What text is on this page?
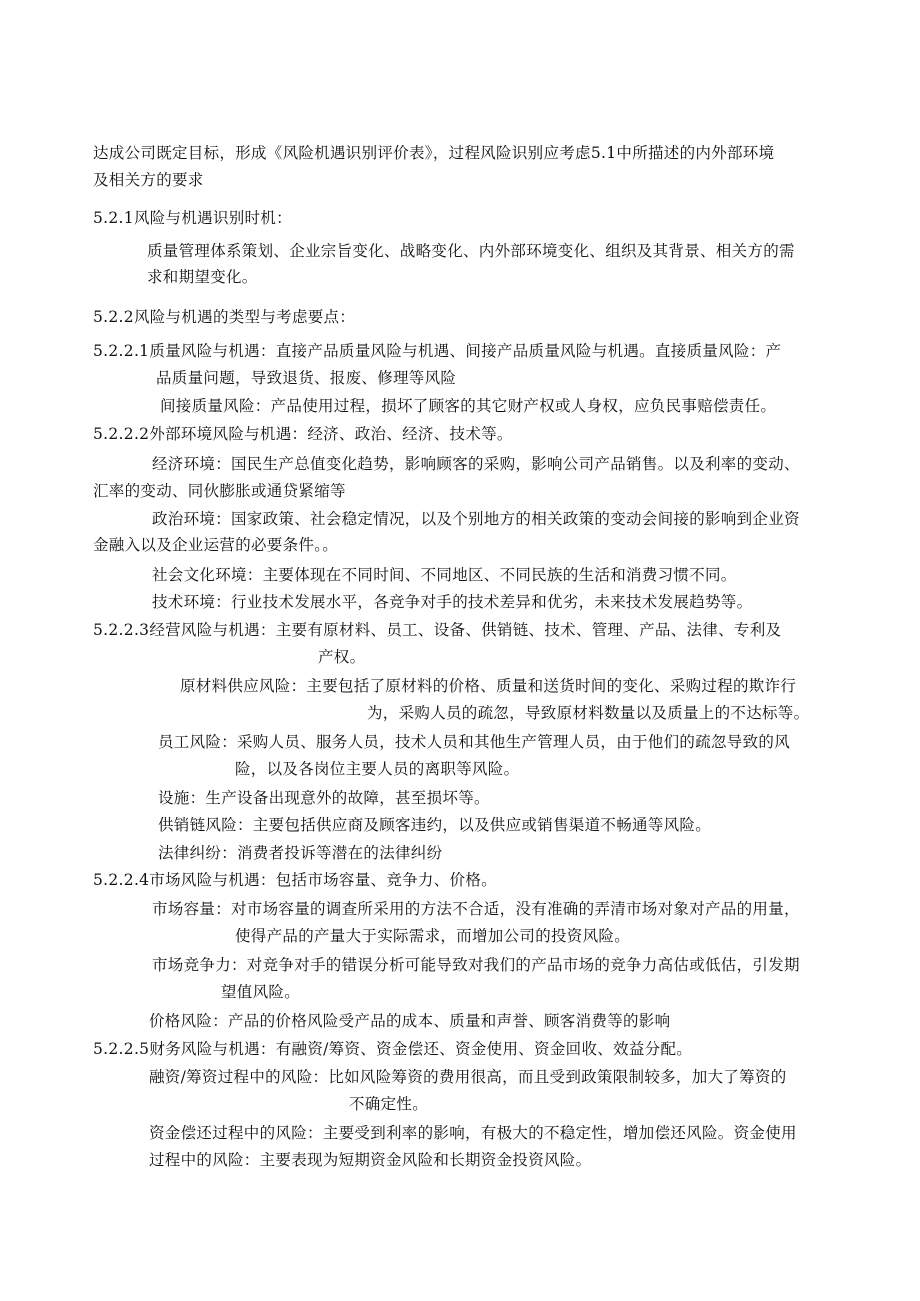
达成公司既定目标，形成《风险机遇识别评价表》，过程风险识别应考虑5.1中所描述的内外部环境
及相关方的要求
5.2.1风险与机遇识别时机：
质量管理体系策划、企业宗旨变化、战略变化、内外部环境变化、组织及其背景、相关方的需
求和期望变化。
5.2.2风险与机遇的类型与考虑要点：
5.2.2.1质量风险与机遇：直接产品质量风险与机遇、间接产品质量风险与机遇。直接质量风险：产
品质量问题，导致退货、报废、修理等风险
间接质量风险：产品使用过程，损坏了顾客的其它财产权或人身权，应负民事赔偿责任。
5.2.2.2外部环境风险与机遇：经济、政治、经济、技术等。
经济环境：国民生产总值变化趋势，影响顾客的采购，影响公司产品销售。以及利率的变动、
汇率的变动、同伙膨胀或通贷紧缩等
政治环境：国家政策、社会稳定情况，以及个别地方的相关政策的变动会间接的影响到企业资
金融入以及企业运营的必要条件。。
社会文化环境：主要体现在不同时间、不同地区、不同民族的生活和消费习惯不同。
技术环境：行业技术发展水平，各竞争对手的技术差异和优劣，未来技术发展趋势等。
5.2.2.3经营风险与机遇：主要有原材料、员工、设备、供销链、技术、管理、产品、法律、专利及
产权。
原材料供应风险：主要包括了原材料的价格、质量和送货时间的变化、采购过程的欺诈行
为，采购人员的疏忽，导致原材料数量以及质量上的不达标等。
员工风险：采购人员、服务人员，技术人员和其他生产管理人员，由于他们的疏忽导致的风
险，以及各岗位主要人员的离职等风险。
设施：生产设备出现意外的故障，甚至损坏等。
供销链风险：主要包括供应商及顾客违约，以及供应或销售渠道不畅通等风险。
法律纠纷：消费者投诉等潜在的法律纠纷
5.2.2.4市场风险与机遇：包括市场容量、竞争力、价格。
市场容量：对市场容量的调查所采用的方法不合适，没有准确的弄清市场对象对产品的用量，
使得产品的产量大于实际需求，而增加公司的投资风险。
市场竞争力：对竞争对手的错误分析可能导致对我们的产品市场的竞争力高估或低估，引发期
望值风险。
价格风险：产品的价格风险受产品的成本、质量和声誉、顾客消费等的影响
5.2.2.5财务风险与机遇：有融资/筹资、资金偿还、资金使用、资金回收、效益分配。
融资/筹资过程中的风险：比如风险筹资的费用很高，而且受到政策限制较多，加大了筹资的
不确定性。
资金偿还过程中的风险：主要受到利率的影响，有极大的不稳定性，增加偿还风险。资金使用
过程中的风险：主要表现为短期资金风险和长期资金投资风险。
